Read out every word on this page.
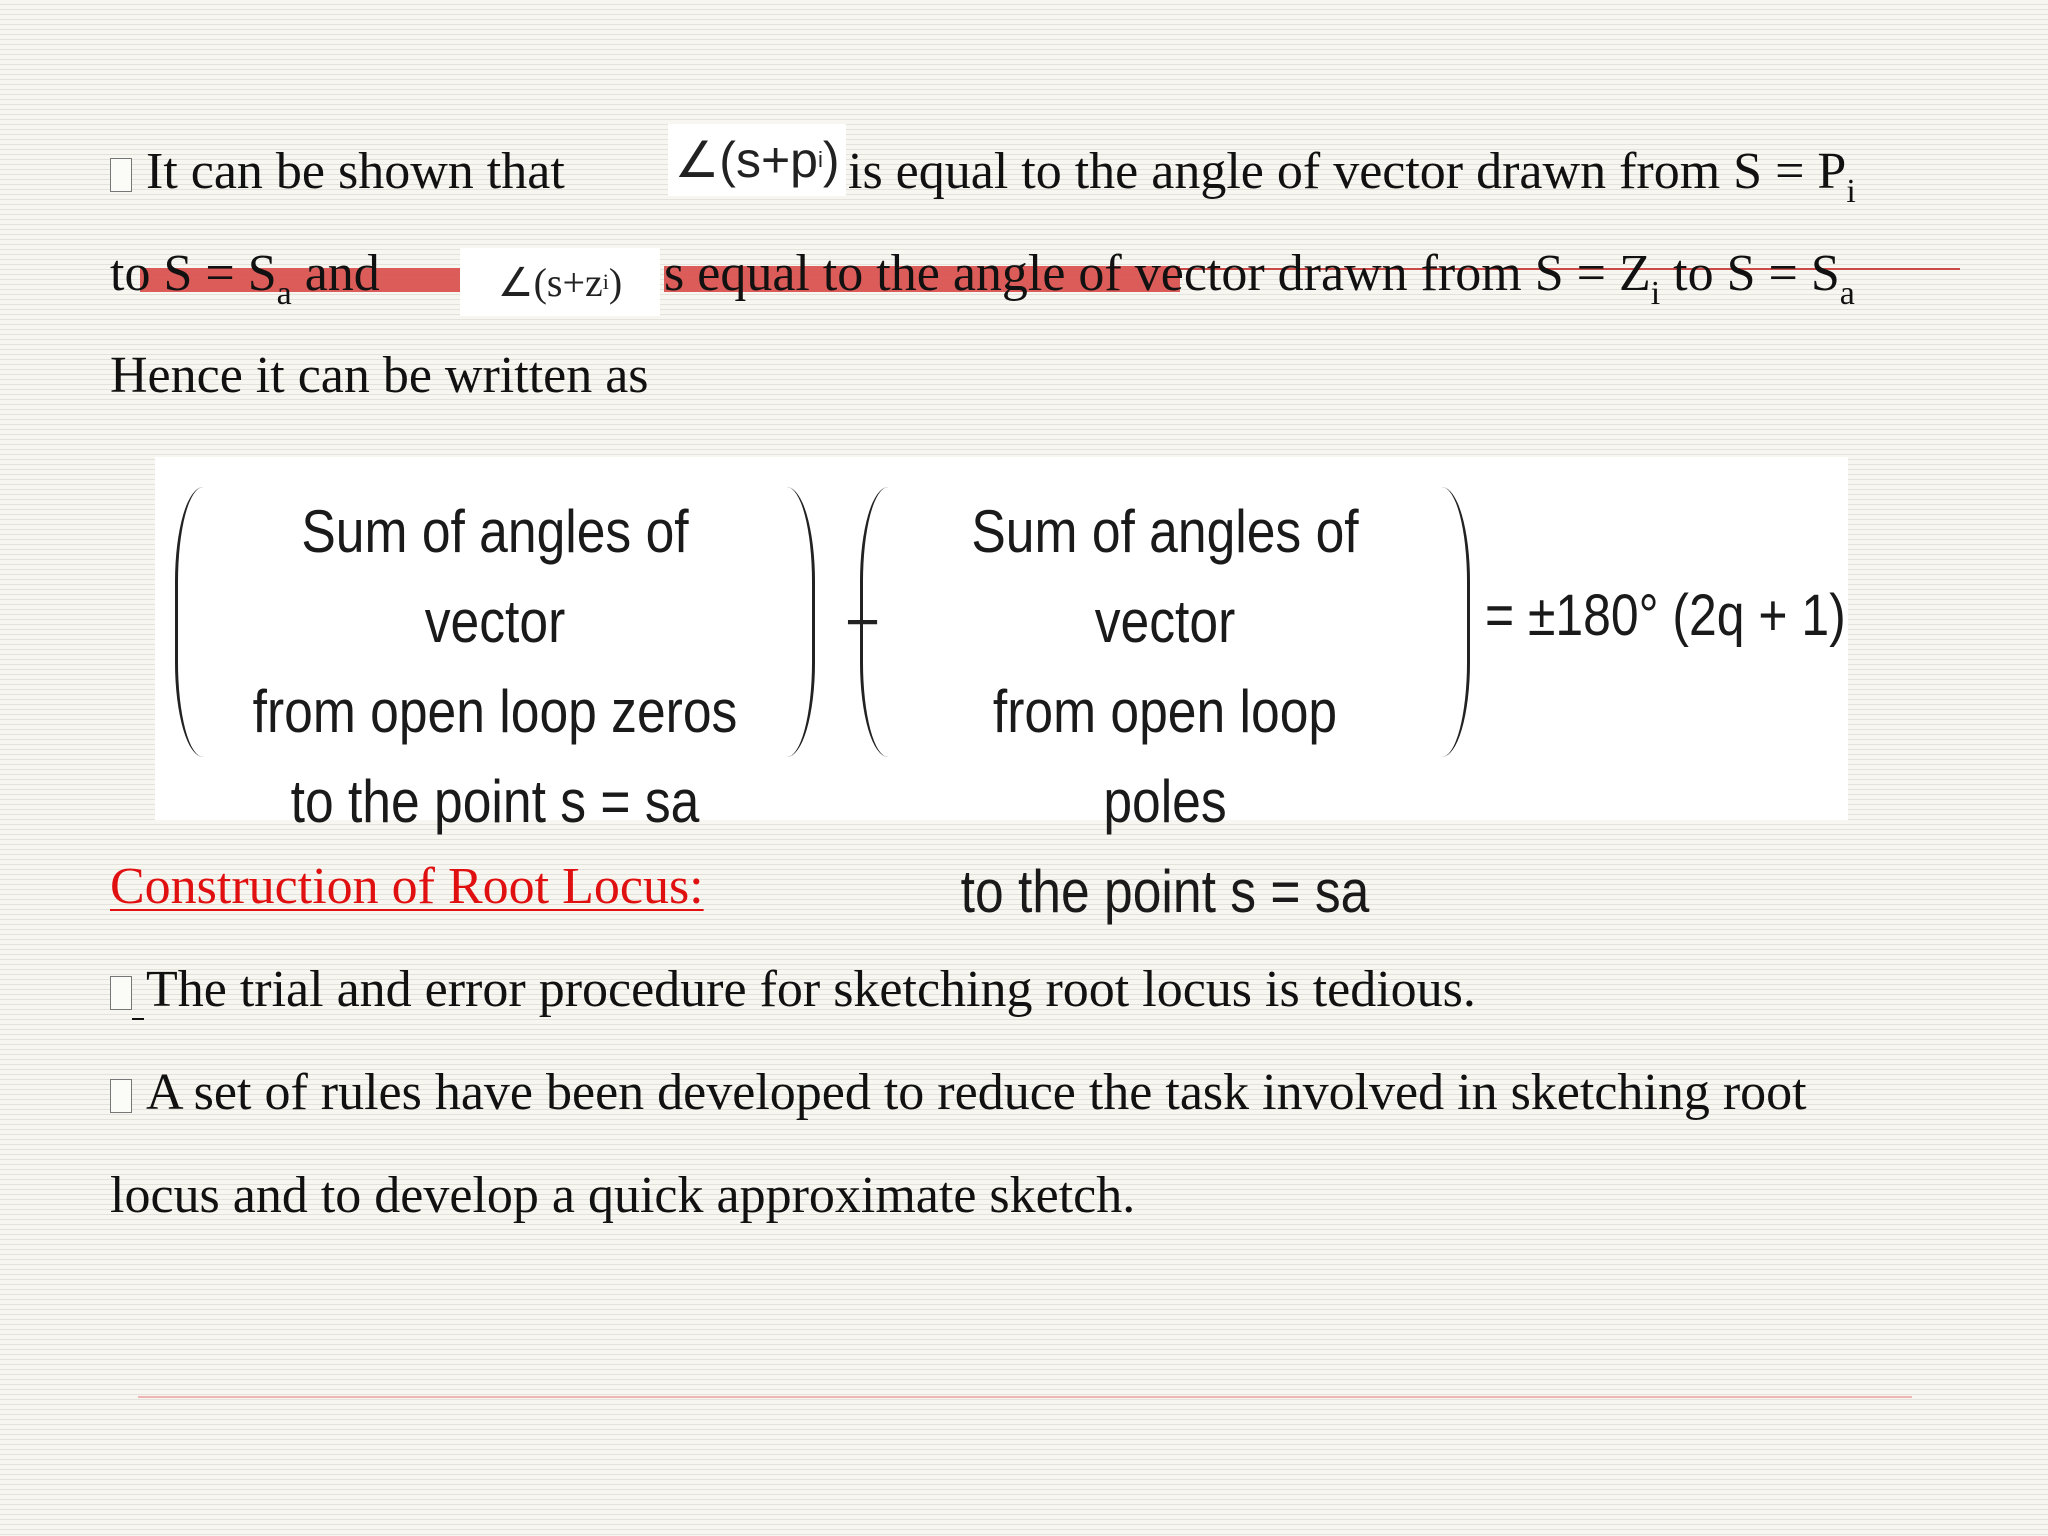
It can be shown that ∠(s+p i ) is equal to the angle of vector drawn from $S = P_i$
to $S = S_a$ and	∠(s+z i ) s equal to the angle of vector drawn from $S = Z_i$ to $S = S_a$
Hence it can be written as
Sum of angles of vector
from open loop zeros
to the point s = sa
−
Sum of angles of vector
from open loop poles
to the point s = sa
= ±180° (2q + 1)
Construction of Root Locus:
The trial and error procedure for sketching root locus is tedious.
A set of rules have been developed to reduce the task involved in sketching root
locus and to develop a quick approximate sketch.
